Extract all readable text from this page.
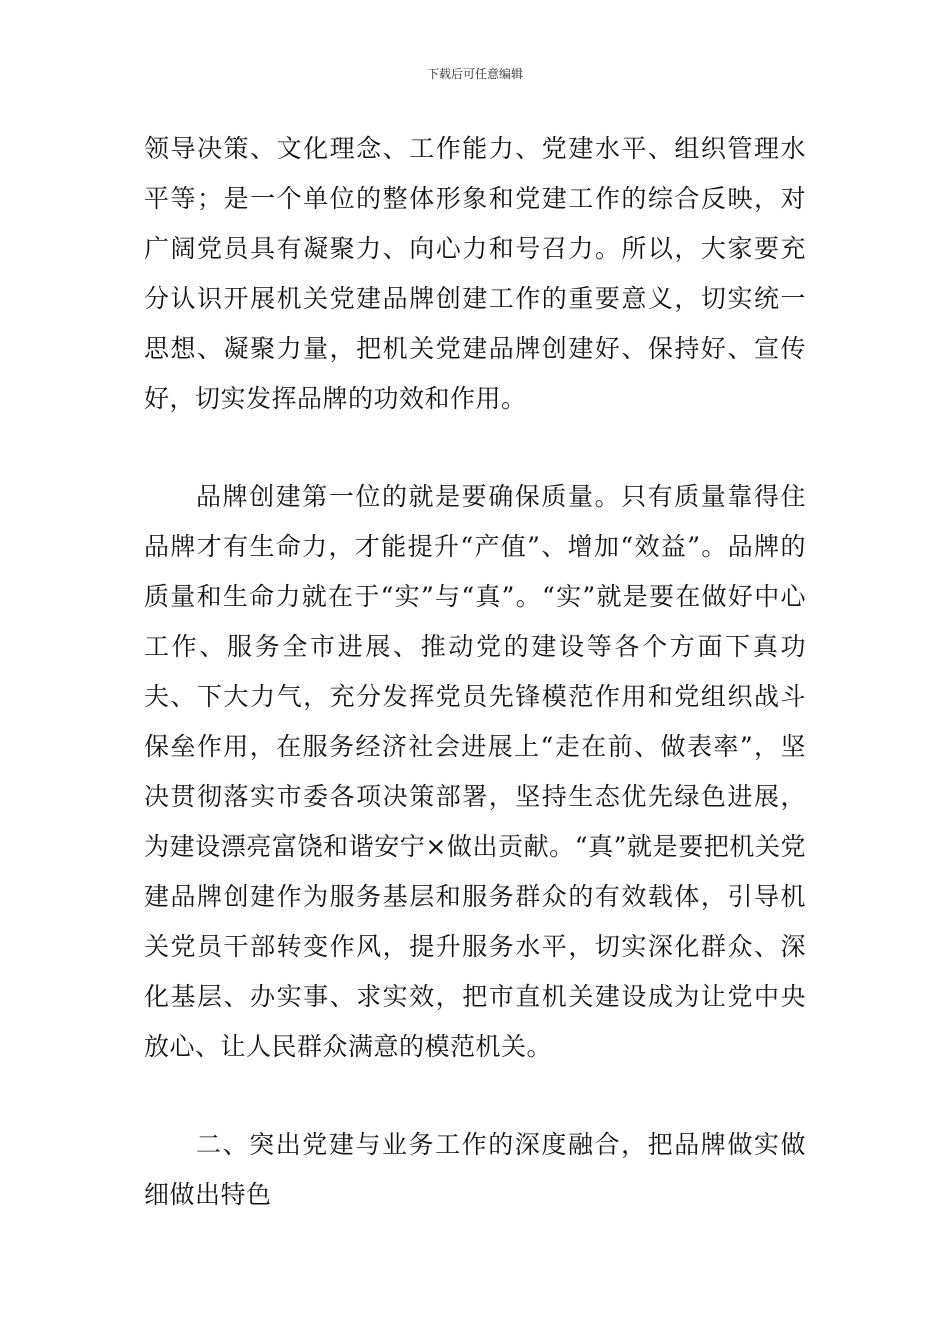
下载后可任意编辑

领导决策、文化理念、工作能力、党建水平、组织管理水平等；是一个单位的整体形象和党建工作的综合反映，对广阔党员具有凝聚力、向心力和号召力。所以，大家要充分认识开展机关党建品牌创建工作的重要意义，切实统一思想、凝聚力量，把机关党建品牌创建好、保持好、宣传好，切实发挥品牌的功效和作用。

品牌创建第一位的就是要确保质量。只有质量靠得住品牌才有生命力，才能提升“产值”、增加“效益”。品牌的质量和生命力就在于“实”与“真”。“实”就是要在做好中心工作、服务全市进展、推动党的建设等各个方面下真功夫、下大力气，充分发挥党员先锋模范作用和党组织战斗保垒作用，在服务经济社会进展上“走在前、做表率”，坚决贯彻落实市委各项决策部署，坚持生态优先绿色进展，为建设漂亮富饶和谐安宁×做出贡献。“真”就是要把机关党建品牌创建作为服务基层和服务群众的有效载体，引导机关党员干部转变作风，提升服务水平，切实深化群众、深化基层、办实事、求实效，把市直机关建设成为让党中央放心、让人民群众满意的模范机关。

二、突出党建与业务工作的深度融合，把品牌做实做细做出特色
